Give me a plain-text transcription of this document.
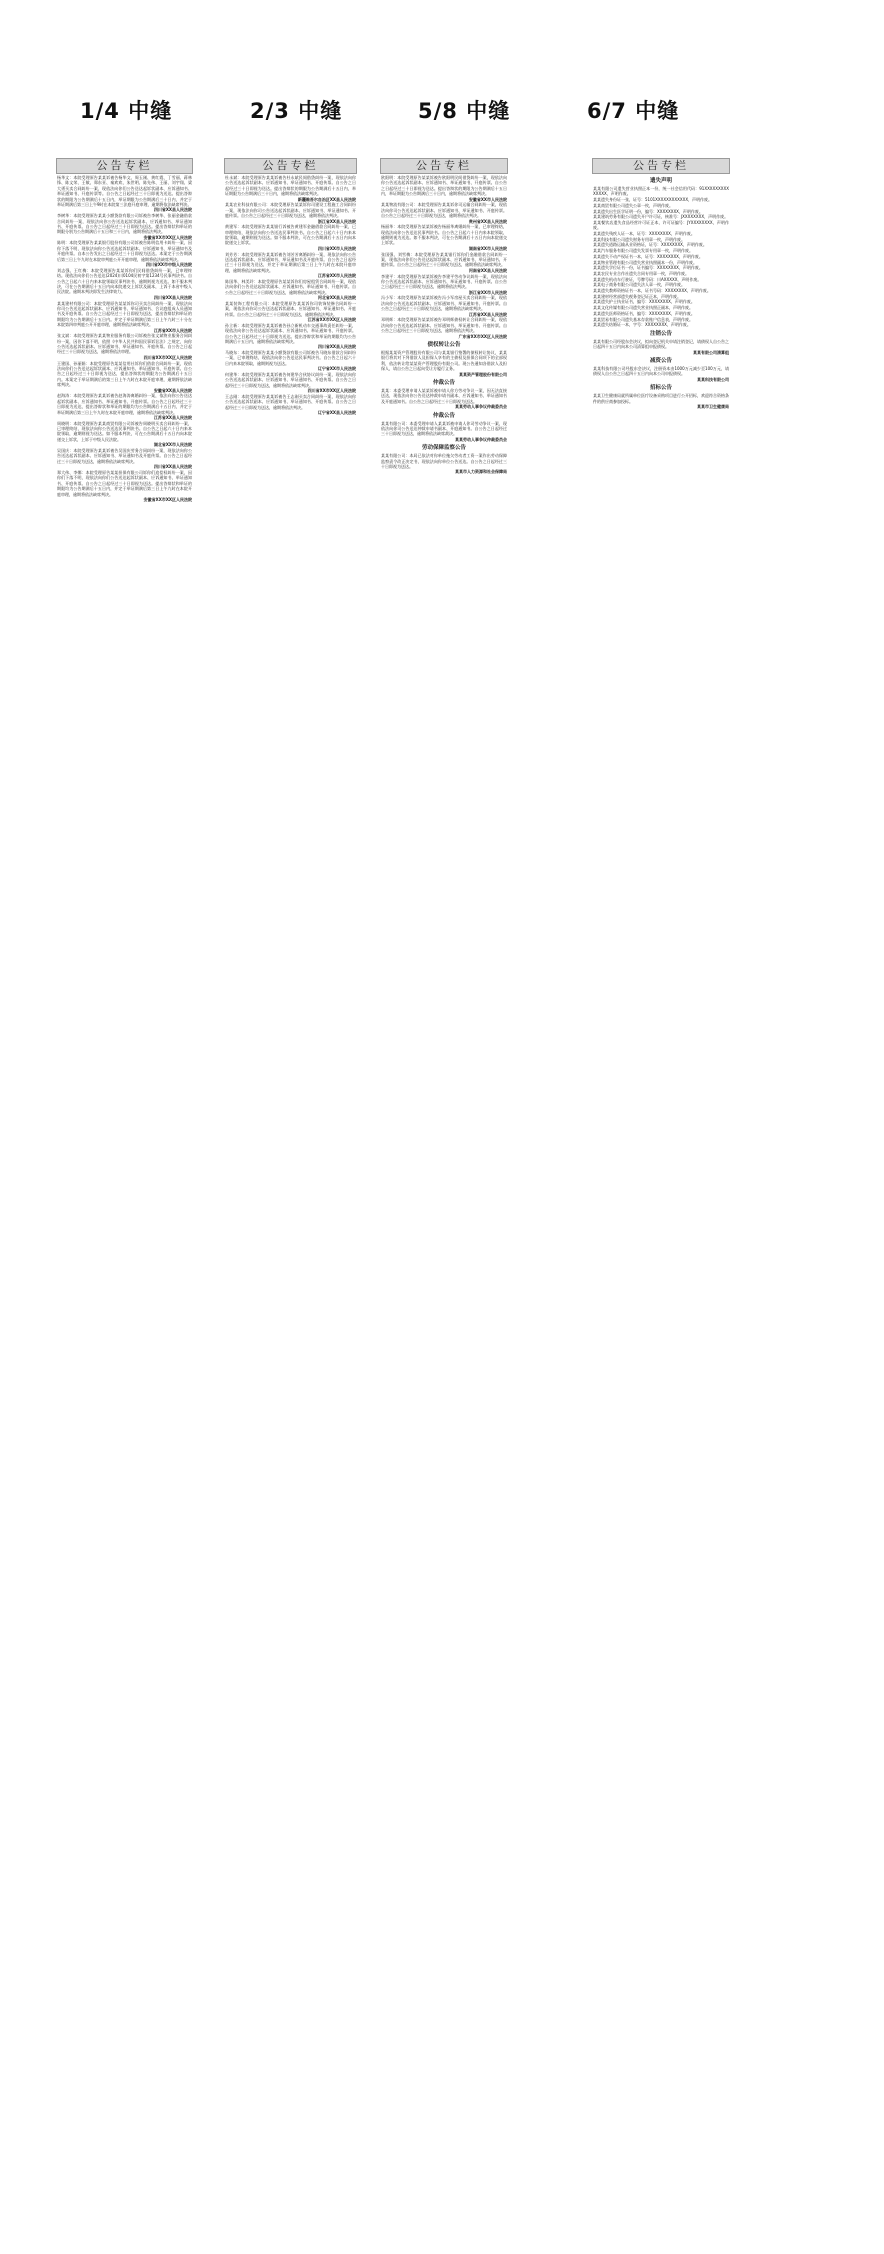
1/4 中缝	2/3 中缝	5/8 中缝	6/7 中缝
公告专栏
杨华文：本院受理原告某某诉被告杨华文、周玉刚、黄红霞、丁雪丽、蒋林锋、陈文荣、王敏、郑东亚、秦欢欢、朱世明、陈先伟、王丽、刘宇翔、梁大勇买卖合同纠纷一案，现依法向你们公告送达起诉状副本、应诉通知书、举证通知书、开庭传票等。自公告之日起经过三十日即视为送达。提出答辩状的期限为公告期满后十五日内，举证期限为公告期满后三十日内，并定于举证期满后第三日上午9时在本院第三法庭开庭审理，逾期将依法缺席判决。
四川省XX县人民法院
李树华：本院受理原告某某小额贷款有限公司诉被告李树华、张丽金融借款合同纠纷一案，现依法向你公告送达起诉状副本、应诉通知书、举证通知书、开庭传票。自公告之日起经过三十日即视为送达。提出答辩状和举证的期限分别为公告期满后十五日和三十日内，逾期将依法判决。
安徽省XX市XX区人民法院
陈明：本院受理原告某某银行股份有限公司诉被告陈明信用卡纠纷一案，因你下落不明，现依法向你公告送达起诉状副本、应诉通知书、举证通知书及开庭传票。自本公告发出之日起经过三十日即视为送达。本案定于公告期满后第三日上午九时在本院审判庭公开开庭审理，逾期将依法缺席判决。
四川省XX市中级人民法院
刘志强、王红梅：本院受理原告某某诉你们民间借贷纠纷一案，已审理终结。现依法向你们公告送达(2024)川0104民初字第1234号民事判决书。自公告之日起六十日内来本院领取民事判决书，逾期则视为送达。如不服本判决，可在公告期满后十五日内向本院递交上诉状及副本，上诉于本省中级人民法院。逾期本判决即发生法律效力。
四川省XX县人民法院
某某建材有限公司：本院受理原告某某诉你司买卖合同纠纷一案，现依法向你司公告送达起诉状副本、应诉通知书、举证通知书、合议庭组成人员通知书及开庭传票。自公告之日起经过三十日即视为送达，提出答辩状和举证的期限均为公告期满后十五日内。并定于举证期满后第三日上午九时三十分在本院第四审判庭公开开庭审理，逾期将依法缺席判决。
江苏省XX市人民法院
张文斌：本院受理原告某某物业服务有限公司诉被告张文斌物业服务合同纠纷一案，因你下落不明，依照《中华人民共和国民事诉讼法》之规定，向你公告送达起诉状副本、应诉通知书、举证通知书、开庭传票。自公告之日起经过三十日即视为送达，逾期将依法审理。
四川省XX市XX区人民法院
王建国、孙丽娟：本院受理原告某某信用社诉你们借款合同纠纷一案，现依法向你们公告送达起诉状副本、应诉通知书、举证通知书、开庭传票。自公告之日起经过三十日即视为送达，提出答辩状的期限为公告期满后十五日内。本案定于举证期满后的第三日上午九时在本院开庭审理，逾期将依法缺席判决。
安徽省XX县人民法院
赵海涛：本院受理原告某某诉被告赵海涛离婚纠纷一案，依法向你公告送达起诉状副本、应诉通知书、举证通知书、开庭传票。自公告之日起经过三十日即视为送达，提出答辩状和举证的期限均为公告期满后十五日内，并定于举证期满后第三日上午九时在本院开庭审理，逾期将依法缺席判决。
江苏省XX县人民法院
周晓明：本院受理原告某某商贸有限公司诉被告周晓明买卖合同纠纷一案，已审理终结，现依法向你公告送达民事判决书。自公告之日起六十日内来本院领取，逾期则视为送达。如不服本判决，可在公告期满后十五日内向本院递交上诉状，上诉于中级人民法院。
湖北省XX市人民法院
吴国庆：本院受理原告某某诉被告吴国庆劳务合同纠纷一案，现依法向你公告送达起诉状副本、应诉通知书、举证通知书及开庭传票。自公告之日起经过三十日即视为送达，逾期将依法缺席判决。
四川省XX县人民法院
郑大伟、李娜：本院受理原告某某担保有限公司诉你们追偿权纠纷一案，因你们下落不明，现依法向你们公告送达起诉状副本、应诉通知书、举证通知书、开庭传票。自公告之日起经过三十日即视为送达。提出答辩状和举证的期限均为公告期满后十五日内，并定于举证期满后第三日上午九时在本院开庭审理，逾期将依法缺席判决。
安徽省XX市XX区人民法院
公告专栏
杜永斌：本院受理原告某某诉被告杜永斌民间借贷纠纷一案，现依法向你公告送达起诉状副本、应诉通知书、举证通知书、开庭传票。自公告之日起经过三十日即视为送达。提出答辩状的期限为公告期满后十五日内，举证期限为公告期满后三十日内，逾期将依法缺席判决。
新疆维吾尔自治区XX县人民法院
某某农业科技有限公司：本院受理原告某某诉你司建设工程施工合同纠纷一案，现依法向你司公告送达起诉状副本、应诉通知书、举证通知书、开庭传票。自公告之日起经过三十日即视为送达，逾期将依法判决。
浙江省XX县人民法院
黄建军：本院受理原告某某银行诉被告黄建军金融借款合同纠纷一案，已审理终结，现依法向你公告送达民事判决书。自公告之日起六十日内来本院领取，逾期则视为送达。如不服本判决，可在公告期满后十五日内向本院递交上诉状。
四川省XX市人民法院
刘芳芳：本院受理原告某某诉被告刘芳芳离婚纠纷一案，现依法向你公告送达起诉状副本、应诉通知书、举证通知书及开庭传票。自公告之日起经过三十日即视为送达，并定于举证期满后第三日上午九时在本院开庭审理，逾期将依法缺席判决。
江苏省XX市人民法院
陈国华、林美玲：本院受理原告某某诉你们房屋租赁合同纠纷一案，现依法向你们公告送达起诉状副本、应诉通知书、举证通知书、开庭传票。自公告之日起经过三十日即视为送达，逾期将依法缺席判决。
河北省XX县人民法院
某某装饰工程有限公司：本院受理原告某某诉你司装饰装修合同纠纷一案，现依法向你司公告送达起诉状副本、应诉通知书、举证通知书、开庭传票。自公告之日起经过三十日即视为送达，逾期将依法判决。
江苏省XX市XX区人民法院
孙立新：本院受理原告某某诉被告孙立新机动车交通事故责任纠纷一案，现依法向你公告送达起诉状副本、应诉通知书、举证通知书、开庭传票。自公告之日起经过三十日即视为送达。提出答辩状和举证的期限均为公告期满后十五日内，逾期将依法缺席判决。
四川省XX县人民法院
马晓东：本院受理原告某某小额贷款有限公司诉被告马晓东借款合同纠纷一案，已审理终结，现依法向你公告送达民事判决书。自公告之日起六十日内来本院领取，逾期则视为送达。
辽宁省XX市人民法院
何建华：本院受理原告某某诉被告何建华合伙协议纠纷一案，现依法向你公告送达起诉状副本、应诉通知书、举证通知书、开庭传票。自公告之日起经过三十日即视为送达，逾期将依法缺席判决。
四川省XX市XX区人民法院
王志刚：本院受理原告某某诉被告王志刚买卖合同纠纷一案，现依法向你公告送达起诉状副本、应诉通知书、举证通知书、开庭传票。自公告之日起经过三十日即视为送达，逾期将依法判决。
辽宁省XX县人民法院
公告专栏
欧阳明：本院受理原告某某诉被告欧阳明民间借贷纠纷一案，现依法向你公告送达起诉状副本、应诉通知书、举证通知书、开庭传票。自公告之日起经过三十日即视为送达。提出答辩状的期限为公告期满后十五日内，举证期限为公告期满后三十日内，逾期将依法缺席判决。
安徽省XX市人民法院
某某物流有限公司：本院受理原告某某诉你司运输合同纠纷一案，现依法向你司公告送达起诉状副本、应诉通知书、举证通知书、开庭传票。自公告之日起经过三十日即视为送达，逾期将依法判决。
贵州省XX县人民法院
杨丽华：本院受理原告某某诉被告杨丽华离婚纠纷一案，已审理终结，现依法向你公告送达民事判决书。自公告之日起六十日内来本院领取，逾期则视为送达。如不服本判决，可在公告期满后十五日内向本院递交上诉状。
湖南省XX市人民法院
张国强、刘雪梅：本院受理原告某某银行诉你们金融借款合同纠纷一案，现依法向你们公告送达起诉状副本、应诉通知书、举证通知书、开庭传票。自公告之日起经过三十日即视为送达，逾期将依法缺席判决。
河南省XX县人民法院
李建平：本院受理原告某某诉被告李建平劳动争议纠纷一案，现依法向你公告送达起诉状副本、应诉通知书、举证通知书、开庭传票。自公告之日起经过三十日即视为送达，逾期将依法判决。
浙江省XX市人民法院
冯小军：本院受理原告某某诉被告冯小军房屋买卖合同纠纷一案，现依法向你公告送达起诉状副本、应诉通知书、举证通知书、开庭传票。自公告之日起经过三十日即视为送达，逾期将依法缺席判决。
江苏省XX县人民法院
邓明辉：本院受理原告某某诉被告邓明辉债权转让合同纠纷一案，现依法向你公告送达起诉状副本、应诉通知书、举证通知书、开庭传票。自公告之日起经过三十日即视为送达，逾期将依法判决。
广东省XX市XX区人民法院
债权转让公告
根据某某资产管理股份有限公司与某某银行签署的债权转让协议，某某银行将其对下列借款人及担保人享有的主债权及担保合同项下的全部权利，依法转让给某某资产管理股份有限公司。现公告通知各借款人及担保人，请自公告之日起向受让方履行义务。
某某资产管理股份有限公司
仲裁公告
某某：本委受理申请人某某诉被申请人你方劳动争议一案，因无法直接送达，现依法向你公告送达仲裁申请书副本、应诉通知书、举证通知书及开庭通知书。自公告之日起经过三十日即视为送达。
某某劳动人事争议仲裁委员会
仲裁公告
某某有限公司：本委受理申请人某某诉被申请人你司劳动争议一案，现依法向你司公告送达仲裁申请书副本、开庭通知书。自公告之日起经过三十日即视为送达，逾期将依法缺席裁决。
某某劳动人事争议仲裁委员会
劳动保障监察公告
某某有限公司：本局已依法对你单位拖欠劳动者工资一案作出劳动保障监察责令改正决定书，现依法向你单位公告送达。自公告之日起经过三十日即视为送达。
某某市人力资源和社会保障局
公告专栏
遗失声明
某某有限公司遗失营业执照正本一份，统一社会信用代码：91XXXXXXXXXXXXXX，声明作废。
某某遗失身份证一张，证号：5101XXXXXXXXXXXX，声明作废。
某某商贸有限公司遗失公章一枚，声明作废。
某某遗失出生医学证明一份，编号：XXXXXXXX，声明作废。
某某建筑劳务有限公司遗失开户许可证，核准号：JXXXXXXXX，声明作废。
某某餐饮店遗失食品经营许可证正本，许可证编号：JYXXXXXXXX，声明作废。
某某遗失残疾人证一本，证号：XXXXXXXX，声明作废。
某某科技有限公司遗失财务专用章一枚，声明作废。
某某遗失道路运输从业资格证，证号：XXXXXXXX，声明作废。
某某汽车服务有限公司遗失发票专用章一枚，声明作废。
某某遗失不动产权证书一本，证号：XXXXXXXX，声明作废。
某某物业管理有限公司遗失营业执照副本一份，声明作废。
某某遗失学位证书一份，证书编号：XXXXXXXX，声明作废。
某某农民专业合作社遗失合同专用章一枚，声明作废。
某某遗失机动车行驶证，号牌号码：川AXXXXX，声明作废。
某某电子商务有限公司遗失法人章一枚，声明作废。
某某遗失教师资格证书一本，证书号码：XXXXXXXX，声明作废。
某某建材经营部遗失税务登记证正本，声明作废。
某某遗失护士执业证书，编号：XXXXXXXX，声明作废。
某某文化传媒有限公司遗失营业执照正副本，声明作废。
某某遗失医师资格证书，编号：XXXXXXXX，声明作废。
某某贸易有限公司遗失基本存款账户信息表，声明作废。
某某遗失结婚证一本，字号：XXXXXXXX，声明作废。
注销公告
某某有限公司经股东会决议，拟向登记机关申请注销登记，请债权人自公告之日起四十五日内向本公司清算组申报债权。
某某有限公司清算组
减资公告
某某科技有限公司经股东会决议，注册资本由1000万元减少至100万元，请债权人自公告之日起四十五日内向本公司申报债权。
某某科技有限公司
招标公告
某某卫生健康局就所属单位医疗设备采购项目进行公开招标，欢迎符合资格条件的供应商参加投标。
某某市卫生健康局
